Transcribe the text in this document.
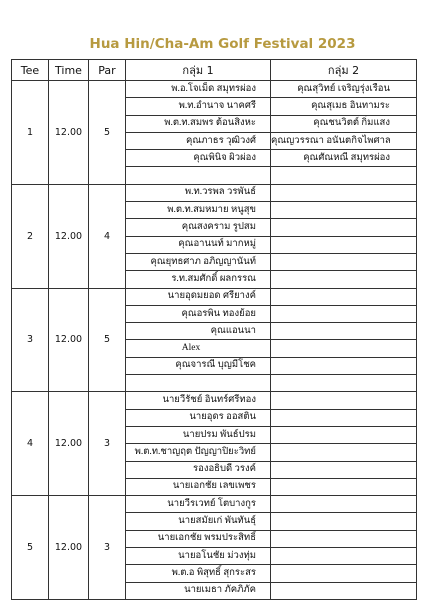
Hua Hin/Cha-Am Golf Festival 2023
Tee	Time	Par	กลุ่ม 1	กลุ่ม 2
1	12.00	5	พ.อ.โจเม็ด สมุทรผ่อง	คุณสุวิทย์ เจริญรุ่งเรือน
			พ.ท.อำนาจ นาคศรี	คุณสุเมธ อินทามระ
			พ.ต.ท.สมพร ต้อนสิงหะ	คุณชนวิตต์ กิ่มแสง
			คุณภาธร วุฒิวงศ์	คุณญวรรณา อนันตกิจไพศาล
			คุณพินิจ ผิวผ่อง	คุณศัณหณี สมุทรผ่อง

2	12.00	4	พ.ท.วรพล วรพันธ์	
			พ.ต.ท.สมหมาย หนูสุข	
			คุณสงคราม รูปสม	
			คุณอานนท์ มากหมู่	
			คุณยุทธศาภ อภิญญานันท์	
			ร.ท.สมศักดิ์ ผลกรรณ	
3	12.00	5	นายอุดมยอด ศรียางค์	
			คุณอรพิน ทองย้อย	
			คุณแอนนา	
			Alex	
			คุณจารณี บุญมีโชค	

4	12.00	3	นายวีรัชย์ อินทร์ศรีทอง	
			นายอุดร ออสติน	
			นายปรม พันธ์ปรม	
			พ.ต.ท.ชาญฤต ปัญญาปิยะวิทย์	
			รองอธิบดี วรงค์	
			นายเอกชัย เลขเพชร	
5	12.00	3	นายวีรเวทย์ โตบางกูร	
			นายสมัยเก่ พันทันธุ์	
			นายเอกชัย พรมประสิทธิ์	
			นายอโนชัย ม่วงทุ่ม	
			พ.ต.อ พิสุทธิ์ สุกระสร	
			นายเมธา ภัคภิภัค	
